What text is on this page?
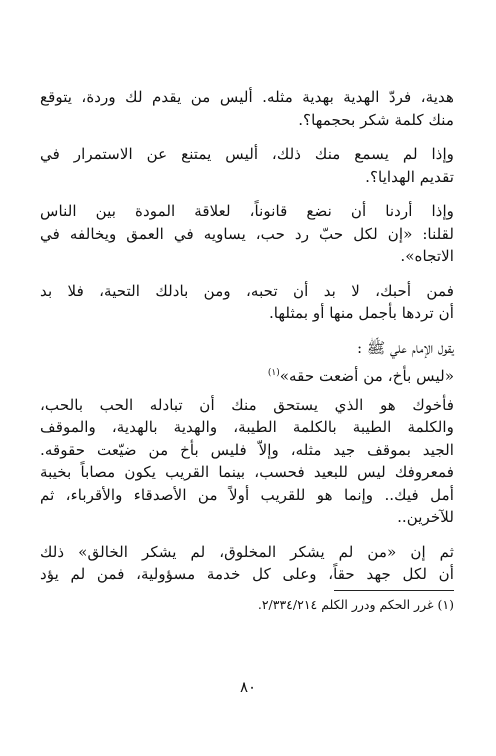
هدية، فردّ الهدية بهدية مثله. أليس من يقدم لك وردة، يتوقع
منك كلمة شكر بحجمها؟.

وإذا لم يسمع منك ذلك، أليس يمتنع عن الاستمرار في
تقديم الهدايا؟.

وإذا أردنا أن نضع قانوناً، لعلاقة المودة بين الناس
لقلنا: «إن لكل حبّ رد حب، يساويه في العمق ويخالفه في
الاتجاه».

فمن أحبك، لا بد أن تحبه، ومن بادلك التحية، فلا بد
أن تردها بأجمل منها أو بمثلها.

يقول الإمام علي ﷺ :

«ليس بأخ، من أضعت حقه»$^{(١)}$

فأخوك هو الذي يستحق منك أن تبادله الحب بالحب،
والكلمة الطيبة بالكلمة الطيبة، والهدية بالهدية، والموقف
الجيد بموقف جيد مثله، وإلاّ فليس بأخ من ضيّعت حقوقه.
فمعروفك ليس للبعيد فحسب، بينما القريب يكون مصاباً بخيبة
أمل فيك.. وإنما هو للقريب أولاً من الأصدقاء والأقرباء، ثم
للآخرين..

ثم إن «من لم يشكر المخلوق، لم يشكر الخالق» ذلك
أن لكل جهد حقاً، وعلى كل خدمة مسؤولية، فمن لم يؤد

(١) غرر الحكم ودرر الكلم ٢/٣٣٤/٢١٤.
٨٠
